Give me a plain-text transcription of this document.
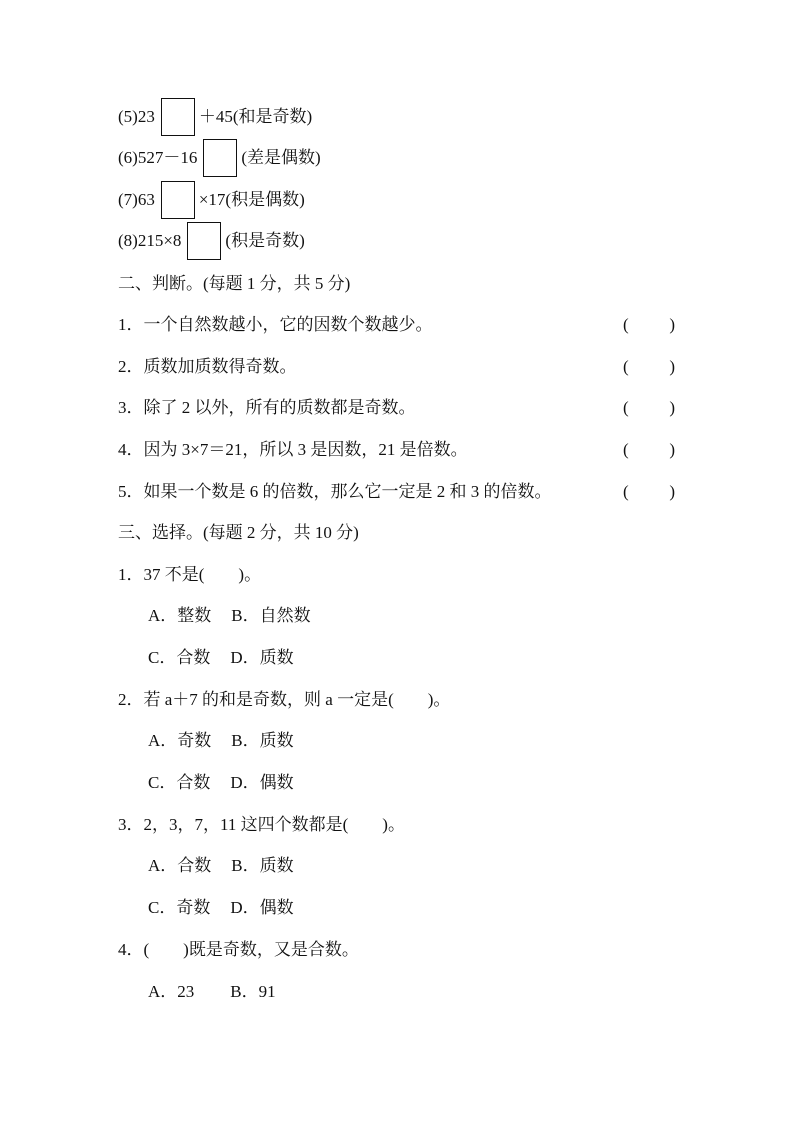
(5)23	＋45(和是奇数)
(6)527－16	(差是偶数)
(7)63	×17(积是偶数)
(8)215×8	(积是奇数)
二、判断。(每题 1 分，共 5 分)
1．一个自然数越小，它的因数个数越少。	( )
2．质数加质数得奇数。	( )
3．除了 2 以外，所有的质数都是奇数。	( )
4．因为 3×7＝21，所以 3 是因数，21 是倍数。	( )
5．如果一个数是 6 的倍数，那么它一定是 2 和 3 的倍数。	( )
三、选择。(每题 2 分，共 10 分)
1．37 不是(　　)。
A．整数 B．自然数
C．合数 D．质数
2．若 a＋7 的和是奇数，则 a 一定是(　　)。
A．奇数 B．质数
C．合数 D．偶数
3．2，3，7，11 这四个数都是(　　)。
A．合数 B．质数
C．奇数 D．偶数
4．(　　)既是奇数，又是合数。
A．23 B．91
